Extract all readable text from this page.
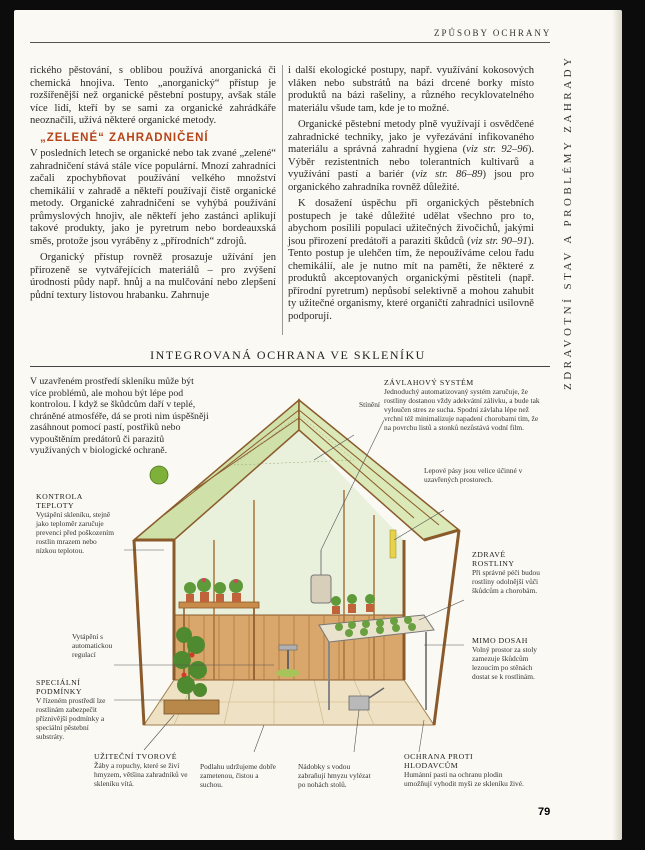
ZPŮSOBY OCHRANY
ZDRAVOTNÍ STAV A PROBLÉMY ZAHRADY

rického pěstování, s oblibou používá anorganická či chemická hnojiva. Tento „anorganický“ přístup je rozšířenější než organické pěstební postupy, avšak stále více lidí, kteří by se sami za organické zahrádkáře neoznačili, užívá některé organické metody.

„ZELENÉ“ ZAHRADNIČENÍ

V posledních letech se organické nebo tak zvané „zelené“ zahradničení stává stále více populární. Mnozí zahradníci začali zpochybňovat používání velkého množství chemikálií v zahradě a někteří používají čistě organické metody. Organické zahradničení se vyhýbá používání průmyslových hnojiv, ale někteří jeho zastánci aplikují takové produkty, jako je pyretrum nebo bordeauxská směs, protože jsou vyráběny z „přírodních“ zdrojů.

Organický přístup rovněž prosazuje užívání jen přirozeně se vytvářejících materiálů – pro zvýšení úrodnosti půdy např. hnůj a na mulčování nebo zlepšení půdní textury listovou hrabanku. Zahrnuje

i další ekologické postupy, např. využívání kokosových vláken nebo substrátů na bázi drcené borky místo produktů na bázi rašeliny, a různého recyklovatelného materiálu všude tam, kde je to možné.

Organické pěstební metody plně využívají i osvědčené zahradnické techniky, jako je vyřezávání infikovaného materiálu a správná zahradní hygiena (viz str. 92–96). Výběr rezistentních nebo tolerantních kultivarů a využívání pastí a bariér (viz str. 86–89) jsou pro organického zahradníka rovněž důležité.

K dosažení úspěchu při organických pěstebních postupech je také důležité udělat všechno pro to, abychom posílili populaci užitečných živočichů, jakými jsou přirození predátoři a paraziti škůdců (viz str. 90–91). Tento postup je ulehčen tím, že nepoužíváme celou řadu chemikálií, ale je nutno mít na paměti, že některé z produktů akceptovaných organickými pěstiteli (např. přírodní pyretrum) nepůsobí selektivně a mohou zahubit ty užitečné organismy, které organičtí zahradníci usilovně podporují.

INTEGROVANÁ OCHRANA VE SKLENÍKU
V uzavřeném prostředí skleníku může být více problémů, ale mohou být lépe pod kontrolou. I když se škůdcům daří v teplé, chráněné atmosféře, dá se proti nim úspěšněji zasáhnout pomocí pastí, postřiků nebo vypouštěním predátorů či parazitů využívaných v biologické ochraně.
Stínění
ZÁVLAHOVÝ SYSTÉM
Jednoduchý automatizovaný systém zaručuje, že rostliny dostanou vždy adekvátní zálivku, a bude tak vyloučen stres ze sucha. Spodní závlaha lépe než vrchní též minimalizuje napadení chorobami tím, že na povrchu listů a stonků nezůstává vodní film.
Lepové pásy jsou velice účinné v uzavřených prostorech.
KONTROLA TEPLOTY
Vytápění skleníku, stejně jako teploměr zaručuje prevenci před poškozením rostlin mrazem nebo nízkou teplotou.	ZDRAVÉ ROSTLINY
Při správné péči budou rostliny odolnější vůči škůdcům a chorobám.
Vytápění s automatickou regulací
MIMO DOSAH
Volný prostor za stoly zamezuje škůdcům lezoucím po stěnách dostat se k rostlinám.
SPECIÁLNÍ PODMÍNKY
V řízeném prostředí lze rostlinám zabezpečit příznivější podmínky a speciální pěstební substráty.
UŽITEČNÍ TVOROVÉ
Žáby a ropuchy, které se živí hmyzem, většina zahradníků ve skleníku vítá.
Podlahu udržujeme dobře zametenou, čistou a suchou.
Nádobky s vodou zabraňují hmyzu vylézat po nohách stolů.
OCHRANA PROTI HLODAVCŮM
Humánní pasti na ochranu plodin umožňují vyhodit myši ze skleníku živé.
79
